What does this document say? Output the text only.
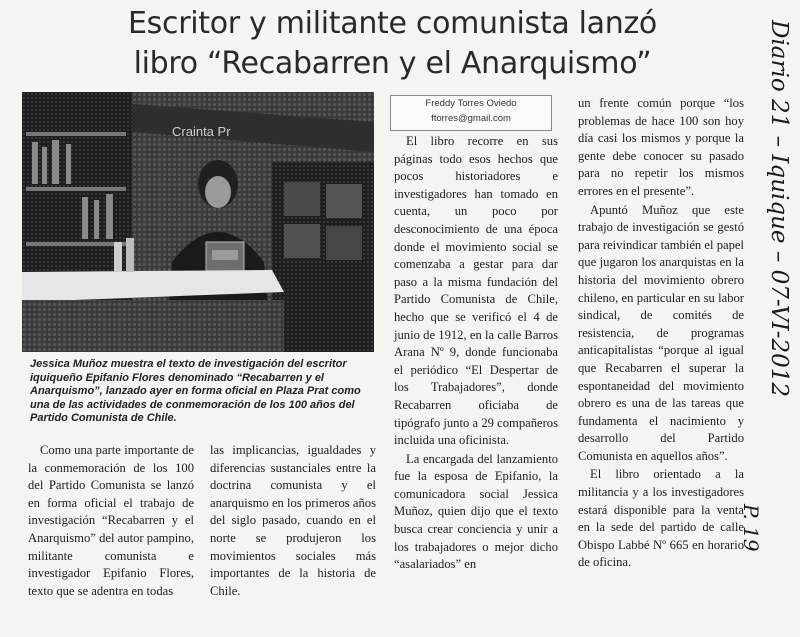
Escritor y militante comunista lanzó
libro “Recabarren y el Anarquismo”
Crainta Pr
Jessica Muñoz muestra el texto de investigación del escritor iquiqueño Epifanio Flores denominado “Recabarren y el Anarquismo”, lanzado ayer en forma oficial en Plaza Prat como una de las actividades de conmemoración de los 100 años del Partido Comunista de Chile.
Freddy Torres Oviedo
ftorres@gmail.com

Como una parte importante de la conmemoración de los 100 del Partido Comunista se lanzó en forma oficial el trabajo de investigación “Recabarren y el Anarquismo” del autor pampino, militante comunista e investigador Epifanio Flores, texto que se adentra en todas

las implicancias, igualdades y diferencias sustanciales entre la doctrina comunista y el anarquismo en los primeros años del siglo pasado, cuando en el norte se produjeron los movimientos sociales más importantes de la historia de Chile.

El libro recorre en sus páginas todo esos hechos que pocos historiadores e investigadores han tomado en cuenta, un poco por desconocimiento de una época donde el movimiento social se comenzaba a gestar para dar paso a la misma fundación del Partido Comunista de Chile, hecho que se verificó el 4 de junio de 1912, en la calle Barros Arana Nº 9, donde funcionaba el periódico “El Despertar de los Trabajadores”, donde Recabarren oficiaba de tipógrafo junto a 29 compañeros incluida una oficinista.

La encargada del lanzamiento fue la esposa de Epifanio, la comunicadora social Jessica Muñoz, quien dijo que el texto busca crear conciencia y unir a los trabajadores o mejor dicho “asalariados” en

un frente común porque “los problemas de hace 100 son hoy día casi los mismos y porque la gente debe conocer su pasado para no repetir los mismos errores en el presente”.

Apuntó Muñoz que este trabajo de investigación se gestó para reivindicar también el papel que jugaron los anarquistas en la historia del movimiento obrero chileno, en particular en su labor sindical, de comités de resistencia, de programas anticapitalistas “porque al igual que Recabarren el superar la espontaneidad del movimiento obrero es una de las tareas que fundamenta el nacimiento y desarrollo del Partido Comunista en aquellos años”.

El libro orientado a la militancia y a los investigadores estará disponible para la venta en la sede del partido de calle Obispo Labbé Nº 665 en horario de oficina.

Diario 21 – Iquique – 07-VI-2012
P. 19
